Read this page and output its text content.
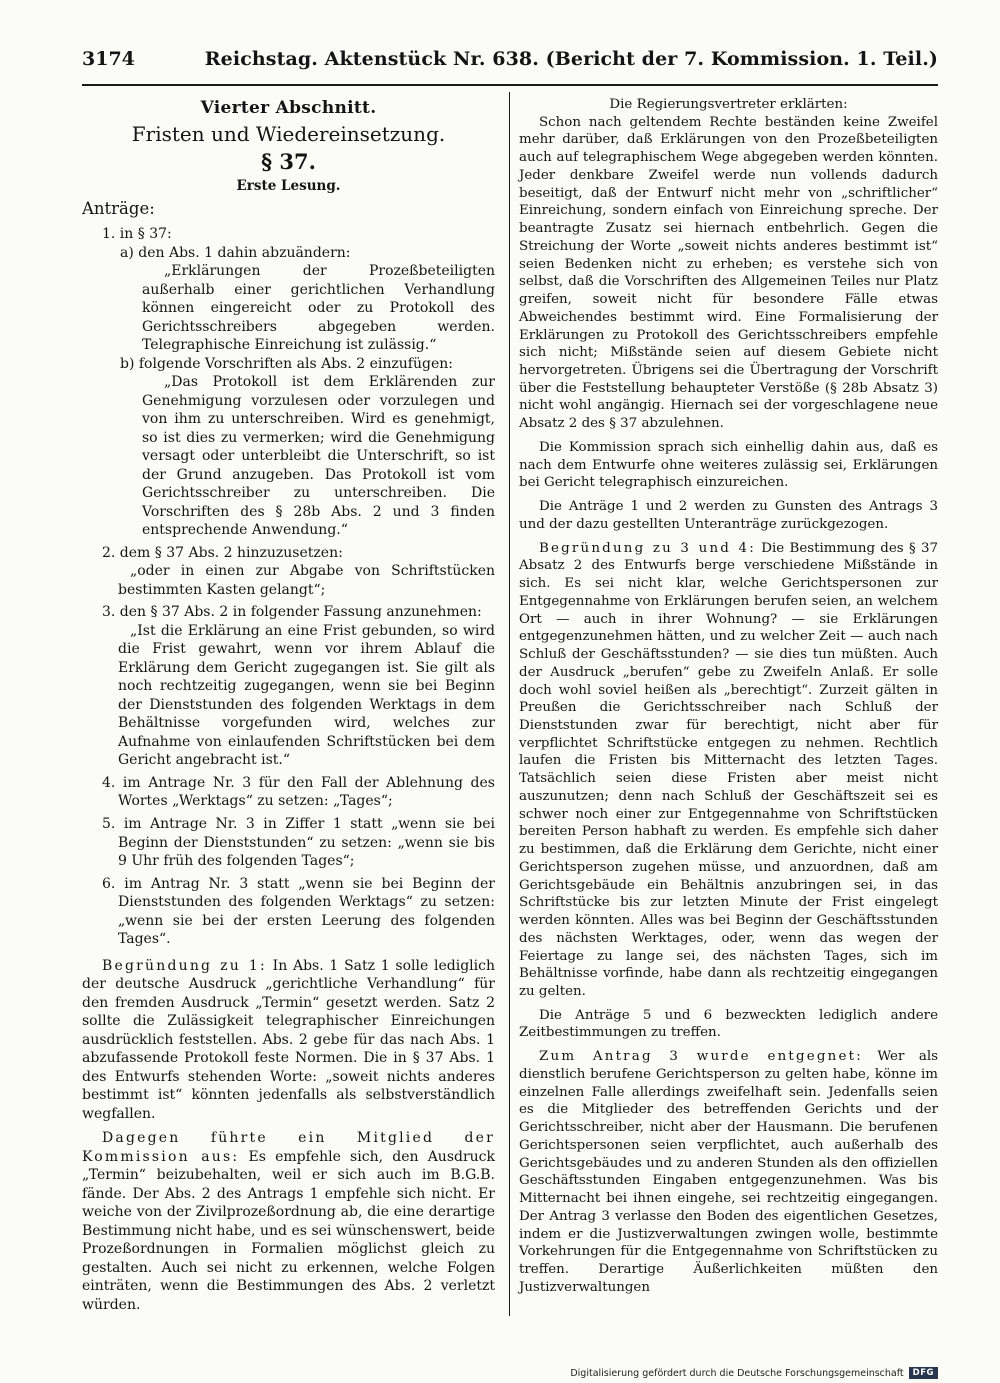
3174	Reichstag. Aktenstück Nr. 638. (Bericht der 7. Kommission. 1. Teil.)

Vierter Abschnitt.

Fristen und Wiedereinsetzung.

§ 37.

Erste Lesung.

Anträge:

1. in § 37:

a) den Abs. 1 dahin abzuändern:

„Erklärungen der Prozeßbeteiligten außerhalb einer gerichtlichen Verhandlung können eingereicht oder zu Protokoll des Gerichtsschreibers abgegeben werden. Telegraphische Einreichung ist zulässig.“

b) folgende Vorschriften als Abs. 2 einzufügen:

„Das Protokoll ist dem Erklärenden zur Genehmigung vorzulesen oder vorzulegen und von ihm zu unterschreiben. Wird es genehmigt, so ist dies zu vermerken; wird die Genehmigung versagt oder unterbleibt die Unterschrift, so ist der Grund anzugeben. Das Protokoll ist vom Gerichtsschreiber zu unterschreiben. Die Vorschriften des § 28b Abs. 2 und 3 finden entsprechende Anwendung.“

2. dem § 37 Abs. 2 hinzuzusetzen:

„oder in einen zur Abgabe von Schriftstücken bestimmten Kasten gelangt“;

3. den § 37 Abs. 2 in folgender Fassung anzunehmen:

„Ist die Erklärung an eine Frist gebunden, so wird die Frist gewahrt, wenn vor ihrem Ablauf die Erklärung dem Gericht zugegangen ist. Sie gilt als noch rechtzeitig zugegangen, wenn sie bei Beginn der Dienststunden des folgenden Werktags in dem Behältnisse vorgefunden wird, welches zur Aufnahme von einlaufenden Schriftstücken bei dem Gericht angebracht ist.“

4. im Antrage Nr. 3 für den Fall der Ablehnung des Wortes „Werktags“ zu setzen: „Tages“;

5. im Antrage Nr. 3 in Ziffer 1 statt „wenn sie bei Beginn der Dienststunden“ zu setzen: „wenn sie bis 9 Uhr früh des folgenden Tages“;

6. im Antrag Nr. 3 statt „wenn sie bei Beginn der Dienststunden des folgenden Werktags“ zu setzen: „wenn sie bei der ersten Leerung des folgenden Tages“.

Begründung zu 1: In Abs. 1 Satz 1 solle lediglich der deutsche Ausdruck „gerichtliche Verhandlung“ für den fremden Ausdruck „Termin“ gesetzt werden. Satz 2 sollte die Zulässigkeit telegraphischer Einreichungen ausdrücklich feststellen. Abs. 2 gebe für das nach Abs. 1 abzufassende Protokoll feste Normen. Die in § 37 Abs. 1 des Entwurfs stehenden Worte: „soweit nichts anderes bestimmt ist“ könnten jedenfalls als selbstverständlich wegfallen.

Dagegen führte ein Mitglied der Kommission aus: Es empfehle sich, den Ausdruck „Termin“ beizubehalten, weil er sich auch im B.G.B. fände. Der Abs. 2 des Antrags 1 empfehle sich nicht. Er weiche von der Zivilprozeßordnung ab, die eine derartige Bestimmung nicht habe, und es sei wünschenswert, beide Prozeßordnungen in Formalien möglichst gleich zu gestalten. Auch sei nicht zu erkennen, welche Folgen einträten, wenn die Bestimmungen des Abs. 2 verletzt würden.

Die Regierungsvertreter erklärten:

Schon nach geltendem Rechte beständen keine Zweifel mehr darüber, daß Erklärungen von den Prozeßbeteiligten auch auf telegraphischem Wege abgegeben werden könnten. Jeder denkbare Zweifel werde nun vollends dadurch beseitigt, daß der Entwurf nicht mehr von „schriftlicher“ Einreichung, sondern einfach von Einreichung spreche. Der beantragte Zusatz sei hiernach entbehrlich. Gegen die Streichung der Worte „soweit nichts anderes bestimmt ist“ seien Bedenken nicht zu erheben; es verstehe sich von selbst, daß die Vorschriften des Allgemeinen Teiles nur Platz greifen, soweit nicht für besondere Fälle etwas Abweichendes bestimmt wird. Eine Formalisierung der Erklärungen zu Protokoll des Gerichtsschreibers empfehle sich nicht; Mißstände seien auf diesem Gebiete nicht hervorgetreten. Übrigens sei die Übertragung der Vorschrift über die Feststellung behaupteter Verstöße (§ 28b Absatz 3) nicht wohl angängig. Hiernach sei der vorgeschlagene neue Absatz 2 des § 37 abzulehnen.

Die Kommission sprach sich einhellig dahin aus, daß es nach dem Entwurfe ohne weiteres zulässig sei, Erklärungen bei Gericht telegraphisch einzureichen.

Die Anträge 1 und 2 werden zu Gunsten des Antrags 3 und der dazu gestellten Unteranträge zurückgezogen.

Begründung zu 3 und 4: Die Bestimmung des § 37 Absatz 2 des Entwurfs berge verschiedene Mißstände in sich. Es sei nicht klar, welche Gerichtspersonen zur Entgegennahme von Erklärungen berufen seien, an welchem Ort — auch in ihrer Wohnung? — sie Erklärungen entgegenzunehmen hätten, und zu welcher Zeit — auch nach Schluß der Geschäftsstunden? — sie dies tun müßten. Auch der Ausdruck „berufen“ gebe zu Zweifeln Anlaß. Er solle doch wohl soviel heißen als „berechtigt“. Zurzeit gälten in Preußen die Gerichtsschreiber nach Schluß der Dienststunden zwar für berechtigt, nicht aber für verpflichtet Schriftstücke entgegen zu nehmen. Rechtlich laufen die Fristen bis Mitternacht des letzten Tages. Tatsächlich seien diese Fristen aber meist nicht auszunutzen; denn nach Schluß der Geschäftszeit sei es schwer noch einer zur Entgegennahme von Schriftstücken bereiten Person habhaft zu werden. Es empfehle sich daher zu bestimmen, daß die Erklärung dem Gerichte, nicht einer Gerichtsperson zugehen müsse, und anzuordnen, daß am Gerichtsgebäude ein Behältnis anzubringen sei, in das Schriftstücke bis zur letzten Minute der Frist eingelegt werden könnten. Alles was bei Beginn der Geschäftsstunden des nächsten Werktages, oder, wenn das wegen der Feiertage zu lange sei, des nächsten Tages, sich im Behältnisse vorfinde, habe dann als rechtzeitig eingegangen zu gelten.

Die Anträge 5 und 6 bezweckten lediglich andere Zeitbestimmungen zu treffen.

Zum Antrag 3 wurde entgegnet: Wer als dienstlich berufene Gerichtsperson zu gelten habe, könne im einzelnen Falle allerdings zweifelhaft sein. Jedenfalls seien es die Mitglieder des betreffenden Gerichts und der Gerichtsschreiber, nicht aber der Hausmann. Die berufenen Gerichtspersonen seien verpflichtet, auch außerhalb des Gerichtsgebäudes und zu anderen Stunden als den offiziellen Geschäftsstunden Eingaben entgegenzunehmen. Was bis Mitternacht bei ihnen eingehe, sei rechtzeitig eingegangen. Der Antrag 3 verlasse den Boden des eigentlichen Gesetzes, indem er die Justizverwaltungen zwingen wolle, bestimmte Vorkehrungen für die Entgegennahme von Schriftstücken zu treffen. Derartige Äußerlichkeiten müßten den Justizverwaltungen

Digitalisierung gefördert durch die Deutsche Forschungsgemeinschaft	DFG
